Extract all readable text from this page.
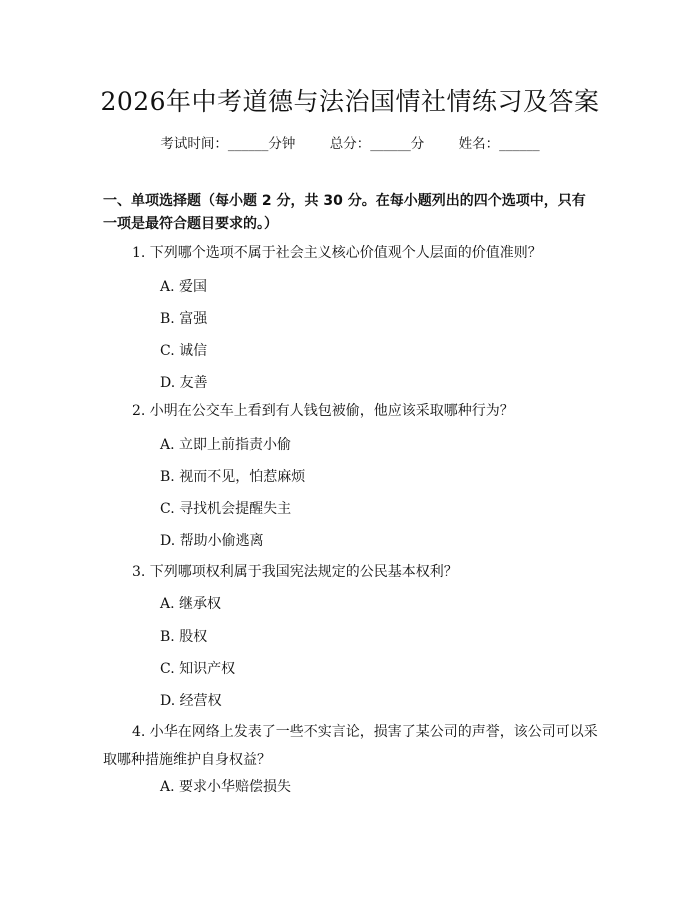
2026年中考道德与法治国情社情练习及答案
考试时间：______分钟	总分：______分	姓名：______
一、单项选择题（每小题 2 分，共 30 分。在每小题列出的四个选项中，只有一项是最符合题目要求的。）
1. 下列哪个选项不属于社会主义核心价值观个人层面的价值准则？
A. 爱国
B. 富强
C. 诚信
D. 友善
2. 小明在公交车上看到有人钱包被偷，他应该采取哪种行为？
A. 立即上前指责小偷
B. 视而不见，怕惹麻烦
C. 寻找机会提醒失主
D. 帮助小偷逃离
3. 下列哪项权利属于我国宪法规定的公民基本权利？
A. 继承权
B. 股权
C. 知识产权
D. 经营权
4. 小华在网络上发表了一些不实言论，损害了某公司的声誉，该公司可以采取哪种措施维护自身权益？
A. 要求小华赔偿损失
